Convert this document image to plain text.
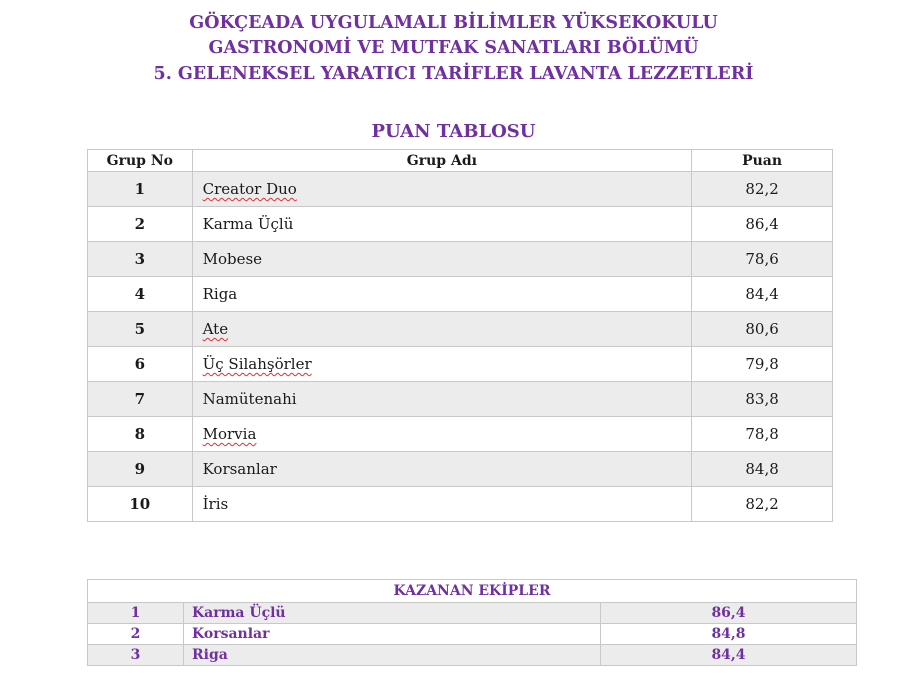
GÖKÇEADA UYGULAMALI BİLİMLER YÜKSEKOKULU
GASTRONOMİ VE MUTFAK SANATLARI BÖLÜMÜ
5. GELENEKSEL YARATICI TARİFLER LAVANTA LEZZETLERİ
PUAN TABLOSU
Grup No	Grup Adı	Puan
1	Creator Duo	82,2
2	Karma Üçlü	86,4
3	Mobese	78,6
4	Riga	84,4
5	Ate	80,6
6	Üç Silahşörler	79,8
7	Namütenahi	83,8
8	Morvia	78,8
9	Korsanlar	84,8
10	İris	82,2
KAZANAN EKİPLER		
1	Karma Üçlü	86,4
2	Korsanlar	84,8
3	Riga	84,4
